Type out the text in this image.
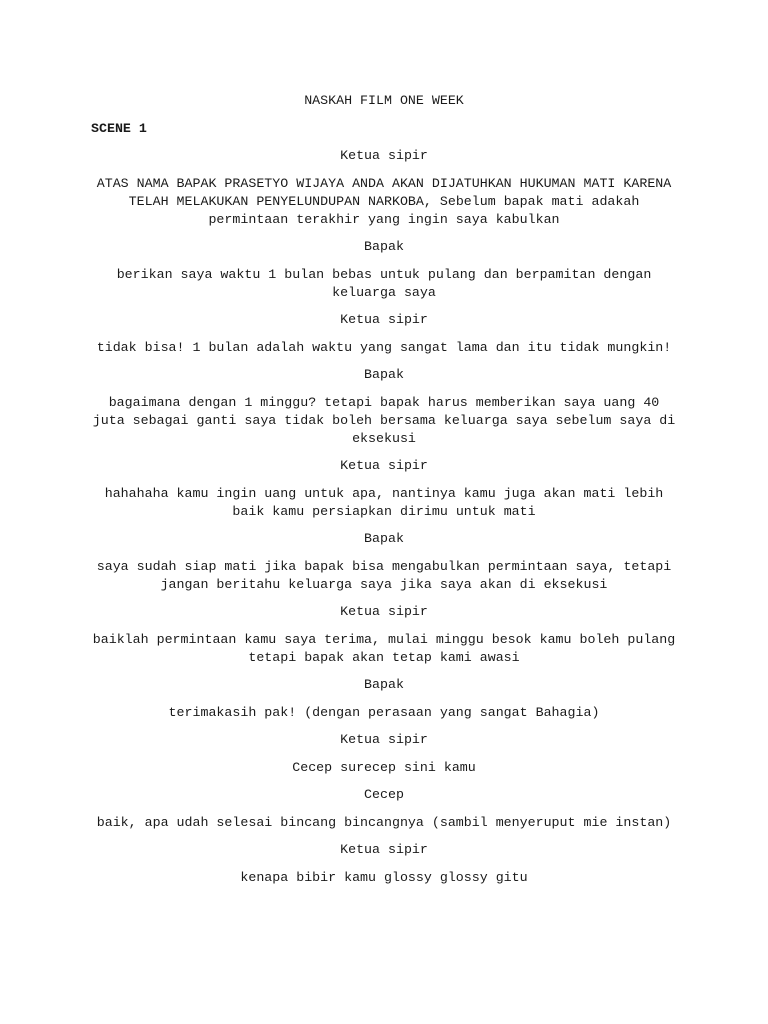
NASKAH FILM ONE WEEK
SCENE 1
Ketua sipir
ATAS NAMA BAPAK PRASETYO WIJAYA ANDA AKAN DIJATUHKAN HUKUMAN MATI KARENA TELAH MELAKUKAN PENYELUNDUPAN NARKOBA, Sebelum bapak mati adakah permintaan terakhir yang ingin saya kabulkan
Bapak
berikan saya waktu 1 bulan bebas untuk pulang dan berpamitan dengan keluarga saya
Ketua sipir
tidak bisa! 1 bulan adalah waktu yang sangat lama dan itu tidak mungkin!
Bapak
bagaimana dengan 1 minggu? tetapi bapak harus memberikan saya uang 40 juta sebagai ganti saya tidak boleh bersama keluarga saya sebelum saya di eksekusi
Ketua sipir
hahahaha kamu ingin uang untuk apa, nantinya kamu juga akan mati lebih baik kamu persiapkan dirimu untuk mati
Bapak
saya sudah siap mati jika bapak bisa mengabulkan permintaan saya, tetapi jangan beritahu keluarga saya jika saya akan di eksekusi
Ketua sipir
baiklah permintaan kamu saya terima, mulai minggu besok kamu boleh pulang tetapi bapak akan tetap kami awasi
Bapak
terimakasih pak! (dengan perasaan yang sangat Bahagia)
Ketua sipir
Cecep surecep sini kamu
Cecep
baik, apa udah selesai bincang bincangnya (sambil menyeruput mie instan)
Ketua sipir
kenapa bibir kamu glossy glossy gitu
